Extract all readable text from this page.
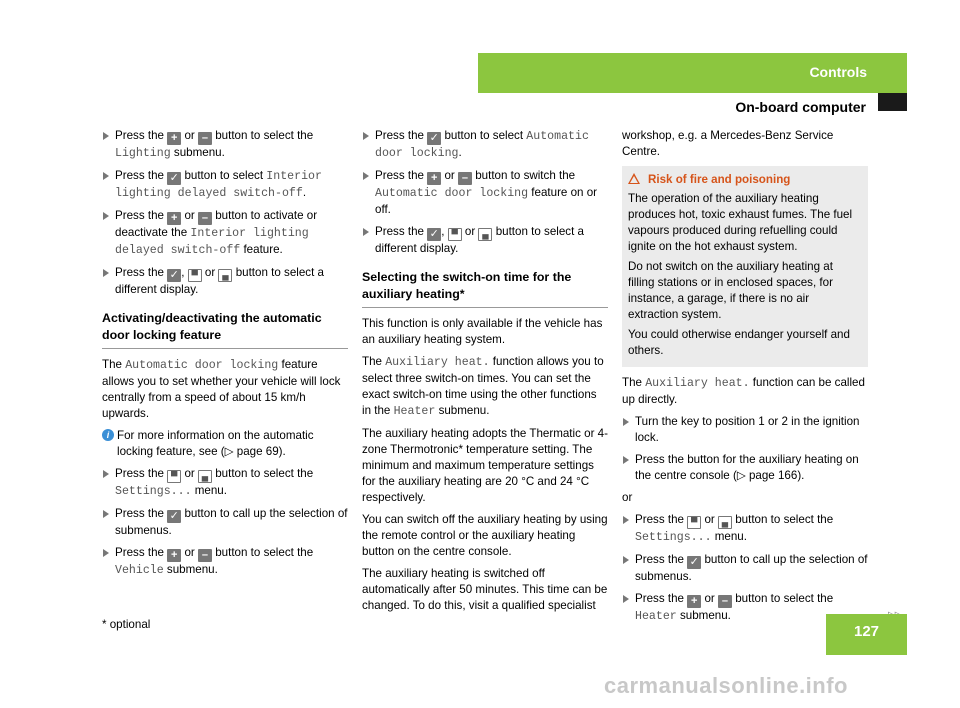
Controls
On-board computer
Press the + or – button to select the Lighting submenu.
Press the ✓ button to select Interior lighting delayed switch-off.
Press the + or – button to activate or deactivate the Interior lighting delayed switch-off feature.
Press the ✓ , ▀ or ▄ button to select a different display.
Activating/deactivating the automatic door locking feature

The Automatic door locking feature allows you to set whether your vehicle will lock centrally from a speed of about 15 km/h upwards.

i For more information on the automatic locking feature, see (▷ page 69).
Press the ▀ or ▄ button to select the Settings... menu.
Press the ✓ button to call up the selection of submenus.
Press the + or – button to select the Vehicle submenu.
Press the ✓ button to select Automatic door locking.
Press the + or – button to switch the Automatic door locking feature on or off.
Press the ✓ , ▀ or ▄ button to select a different display.
Selecting the switch-on time for the auxiliary heating*

This function is only available if the vehicle has an auxiliary heating system.

The Auxiliary heat. function allows you to select three switch-on times. You can set the exact switch-on time using the other functions in the Heater submenu.

The auxiliary heating adopts the Thermatic or 4-zone Thermotronic* temperature setting. The minimum and maximum temperature settings for the auxiliary heating are 20 °C and 24 °C respectively.

You can switch off the auxiliary heating by using the remote control or the auxiliary heating button on the centre console.

The auxiliary heating is switched off automatically after 50 minutes. This time can be changed. To do this, visit a qualified specialist

workshop, e.g. a Mercedes-Benz Service Centre.

Risk of fire and poisoning

The operation of the auxiliary heating produces hot, toxic exhaust fumes. The fuel vapours produced during refuelling could ignite on the hot exhaust system.

Do not switch on the auxiliary heating at filling stations or in enclosed spaces, for instance, a garage, if there is no air extraction system.

You could otherwise endanger yourself and others.

The Auxiliary heat. function can be called up directly.

Turn the key to position 1 or 2 in the ignition lock.
Press the button for the auxiliary heating on the centre console (▷ page 166).

or

Press the ▀ or ▄ button to select the Settings... menu.
Press the ✓ button to call up the selection of submenus.
Press the + or – button to select the Heater submenu.
* optional	127
carmanualsonline.info
